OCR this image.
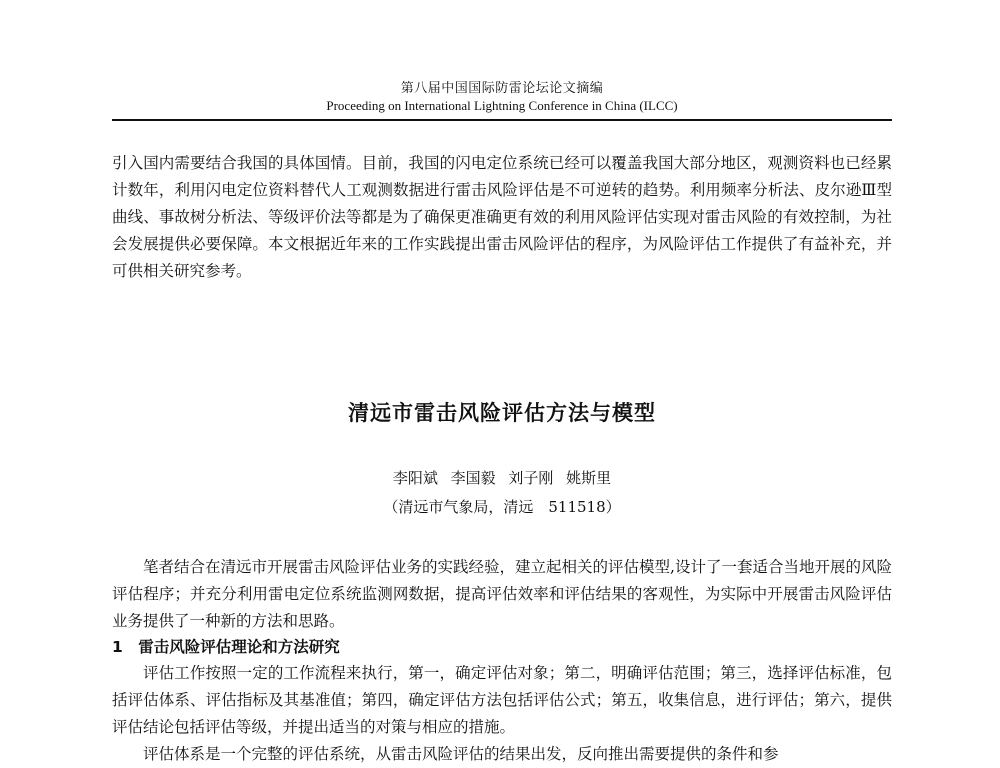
第八届中国国际防雷论坛论文摘编
Proceeding on International Lightning Conference in China (ILCC)

引入国内需要结合我国的具体国情。目前，我国的闪电定位系统已经可以覆盖我国大部分地区，观测资料也已经累计数年，利用闪电定位资料替代人工观测数据进行雷击风险评估是不可逆转的趋势。利用频率分析法、皮尔逊Ⅲ型曲线、事故树分析法、等级评价法等都是为了确保更准确更有效的利用风险评估实现对雷击风险的有效控制，为社会发展提供必要保障。本文根据近年来的工作实践提出雷击风险评估的程序，为风险评估工作提供了有益补充，并可供相关研究参考。

清远市雷击风险评估方法与模型
李阳斌 李国毅 刘子刚 姚斯里
（清远市气象局，清远　511518）

笔者结合在清远市开展雷击风险评估业务的实践经验，建立起相关的评估模型,设计了一套适合当地开展的风险评估程序；并充分利用雷电定位系统监测网数据，提高评估效率和评估结果的客观性，为实际中开展雷击风险评估业务提供了一种新的方法和思路。

1　雷击风险评估理论和方法研究

评估工作按照一定的工作流程来执行，第一，确定评估对象；第二，明确评估范围；第三，选择评估标准，包括评估体系、评估指标及其基准值；第四，确定评估方法包括评估公式；第五，收集信息，进行评估；第六，提供评估结论包括评估等级，并提出适当的对策与相应的措施。

评估体系是一个完整的评估系统，从雷击风险评估的结果出发，反向推出需要提供的条件和参
